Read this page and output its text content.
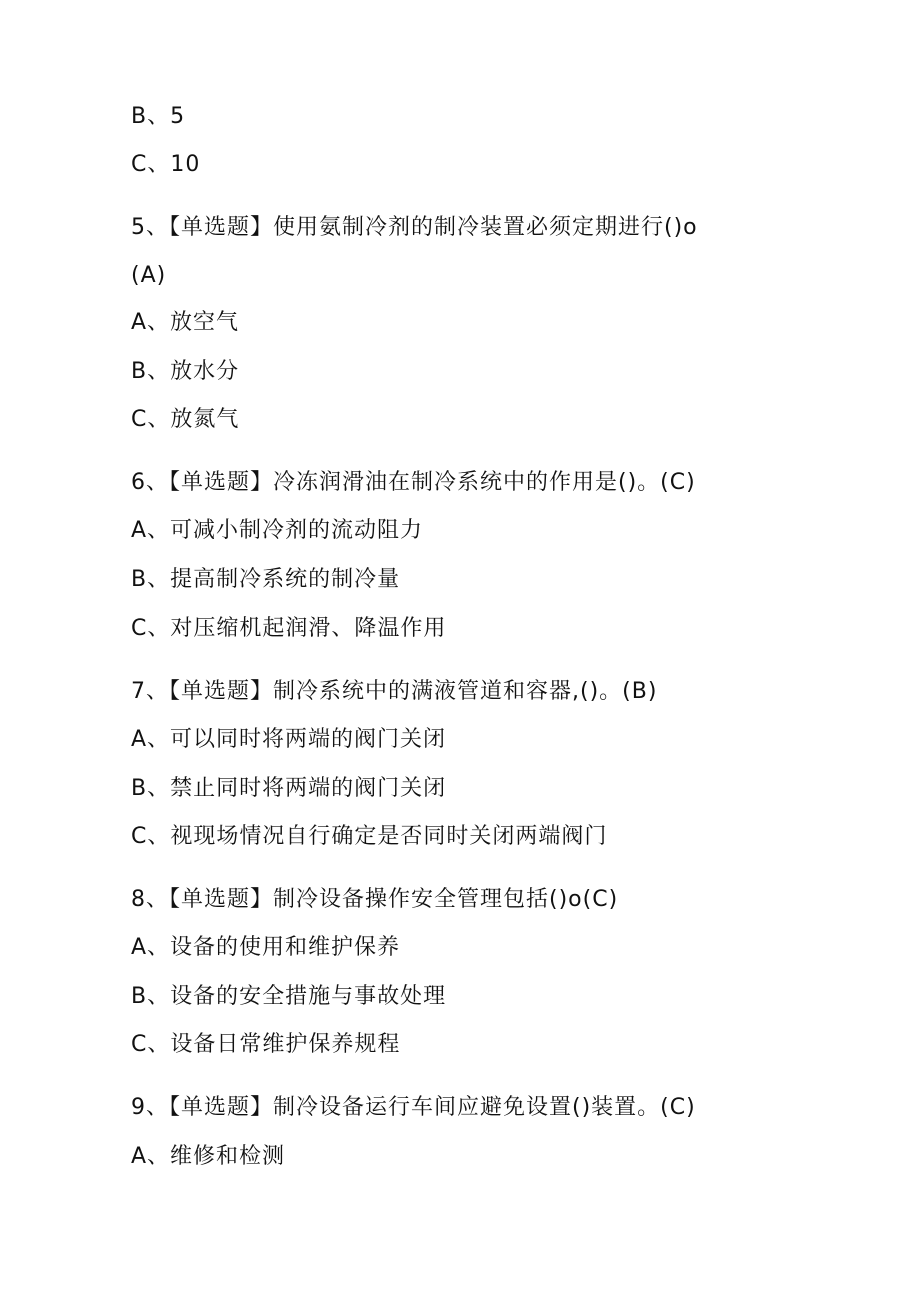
B、5
C、10
5、【单选题】使用氨制冷剂的制冷装置必须定期进行()o
(A)
A、放空气
B、放水分
C、放氮气
6、【单选题】冷冻润滑油在制冷系统中的作用是()。(C)
A、可减小制冷剂的流动阻力
B、提高制冷系统的制冷量
C、对压缩机起润滑、降温作用
7、【单选题】制冷系统中的满液管道和容器,()。(B)
A、可以同时将两端的阀门关闭
B、禁止同时将两端的阀门关闭
C、视现场情况自行确定是否同时关闭两端阀门
8、【单选题】制冷设备操作安全管理包括()o(C)
A、设备的使用和维护保养
B、设备的安全措施与事故处理
C、设备日常维护保养规程
9、【单选题】制冷设备运行车间应避免设置()装置。(C)
A、维修和检测
